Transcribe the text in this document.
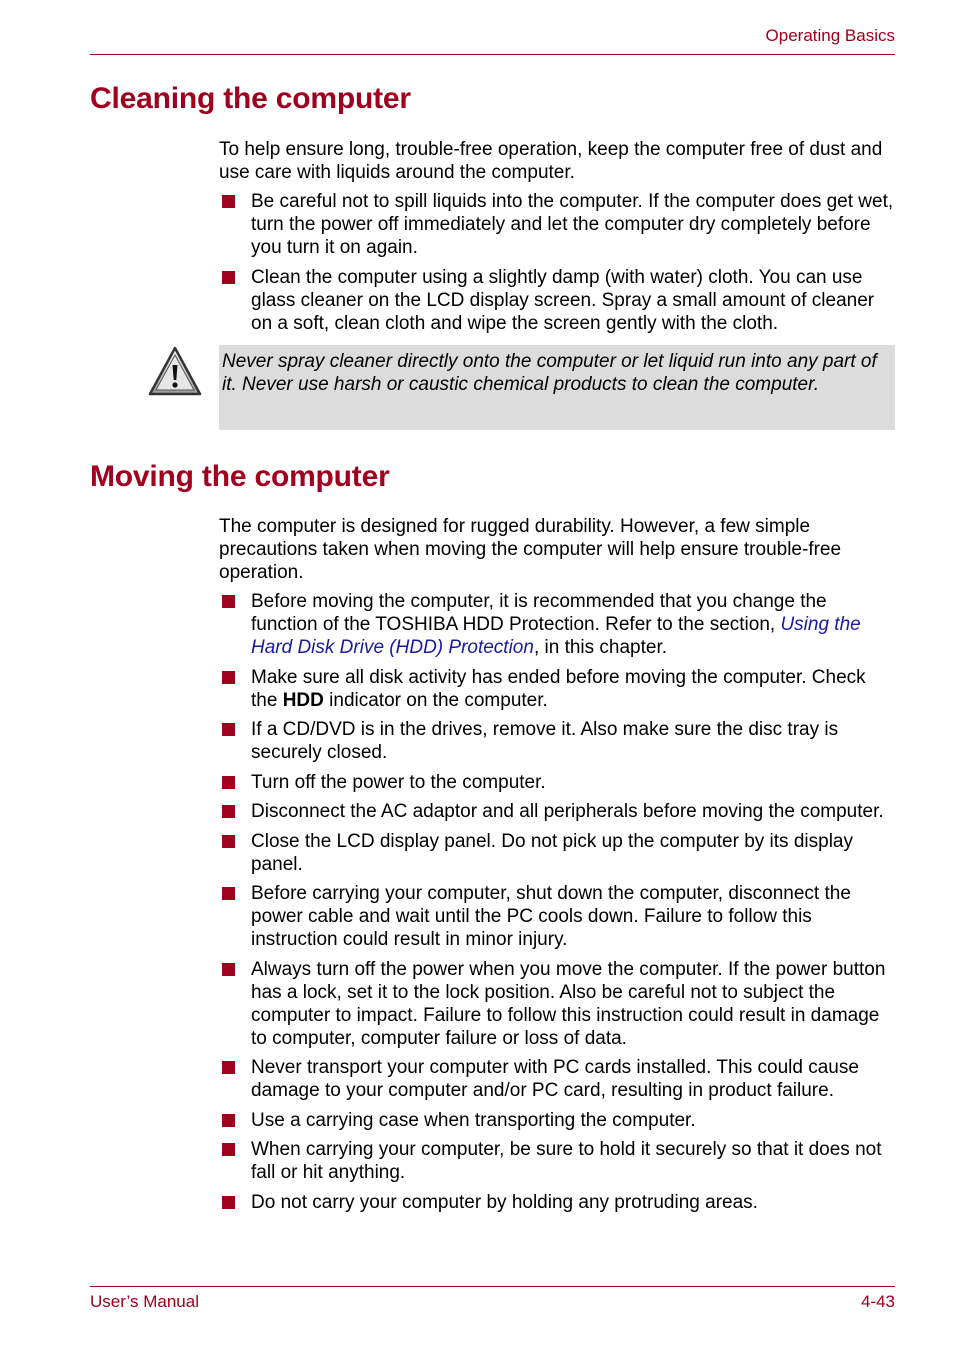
Operating Basics
Cleaning the computer

To help ensure long, trouble-free operation, keep the computer free of dust and use care with liquids around the computer.

Be careful not to spill liquids into the computer. If the computer does get wet, turn the power off immediately and let the computer dry completely before you turn it on again.
Clean the computer using a slightly damp (with water) cloth. You can use glass cleaner on the LCD display screen. Spray a small amount of cleaner on a soft, clean cloth and wipe the screen gently with the cloth.
Never spray cleaner directly onto the computer or let liquid run into any part of it. Never use harsh or caustic chemical products to clean the computer.
Moving the computer

The computer is designed for rugged durability. However, a few simple precautions taken when moving the computer will help ensure trouble-free operation.

Before moving the computer, it is recommended that you change the function of the TOSHIBA HDD Protection. Refer to the section, Using the Hard Disk Drive (HDD) Protection, in this chapter.
Make sure all disk activity has ended before moving the computer. Check the HDD indicator on the computer.
If a CD/DVD is in the drives, remove it. Also make sure the disc tray is securely closed.
Turn off the power to the computer.
Disconnect the AC adaptor and all peripherals before moving the computer.
Close the LCD display panel. Do not pick up the computer by its display panel.
Before carrying your computer, shut down the computer, disconnect the power cable and wait until the PC cools down. Failure to follow this instruction could result in minor injury.
Always turn off the power when you move the computer. If the power button has a lock, set it to the lock position. Also be careful not to subject the computer to impact. Failure to follow this instruction could result in damage to computer, computer failure or loss of data.
Never transport your computer with PC cards installed. This could cause damage to your computer and/or PC card, resulting in product failure.
Use a carrying case when transporting the computer.
When carrying your computer, be sure to hold it securely so that it does not fall or hit anything.
Do not carry your computer by holding any protruding areas.
User’s Manual	4-43
